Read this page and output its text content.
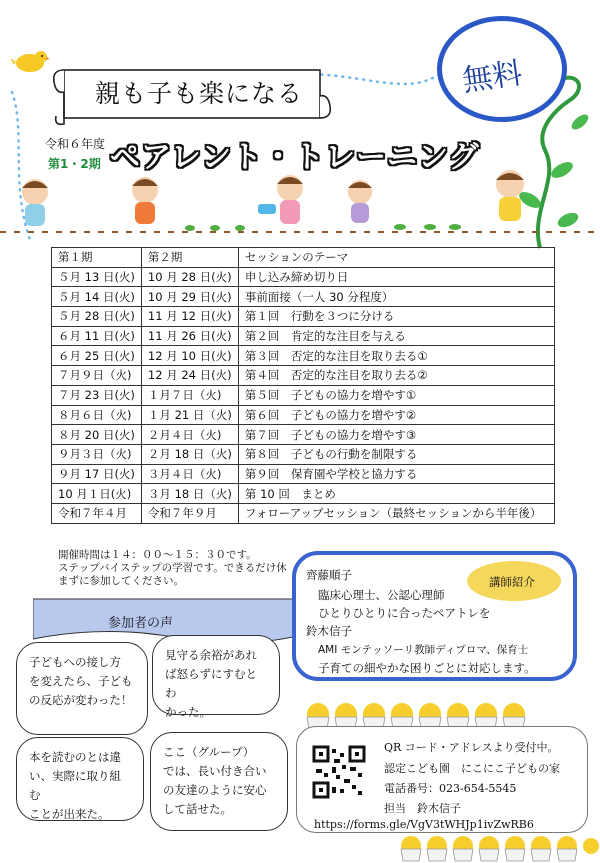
親も子も楽になる	無料
令和６年度
第1・2期 ペアレント・トレーニング
第１期	第２期	セッションのテーマ
５月 13 日(火)	10 月 28 日(火)	申し込み締め切り日
５月 14 日(火)	10 月 29 日(火)	事前面接（一人 30 分程度）
５月 28 日(火)	11 月 12 日(火)	第１回　行動を３つに分ける
６月 11 日(火)	11 月 26 日(火)	第２回　肯定的な注目を与える
６月 25 日(火)	12 月 10 日(火)	第３回　否定的な注目を取り去る①
７月９日（火)	12 月 24 日(火)	第４回　否定的な注目を取り去る②
７月 23 日(火)	１月７日（火)	第５回　子どもの協力を増やす①
８月６日（火)	１月 21 日（火)	第６回　子どもの協力を増やす②
８月 20 日(火)	２月４日（火)	第７回　子どもの協力を増やす③
９月３日（火)	２月 18 日（火)	第８回　子どもの行動を制限する
９月 17 日(火)	３月４日（火)	第９回　保育園や学校と協力する
10 月１日(火)	３月 18 日（火)	第 10 回　まとめ
令和７年４月	令和７年９月	フォローアップセッション（最終セッションから半年後）
開催時間は１４：００～１５：３０です。
ステップバイステップの学習です。できるだけ休
まずに参加してください。
参加者の声
子どもへの接し方
を変えたら、子ども
の反応が変わった！
見守る余裕があれ
ば怒らずにすむとわ
かった。
本を読むのとは違
い、実際に取り組む
ことが出来た。
ここ（グループ）
では、長い付き合い
の友達のように安心
して話せた。
講師紹介
齊藤順子
臨床心理士、公認心理師
ひとりひとりに合ったペアトレを
鈴木信子
AMI モンテッソーリ教師ディプロマ、保育士
子育ての細やかな困りごとに対応します。
QR コード・アドレスより受付中。
認定こども園　にこにこ子どもの家
電話番号：023-654-5545
担当　鈴木信子
https://forms.gle/VgV3tWHJp1ivZwRB6
